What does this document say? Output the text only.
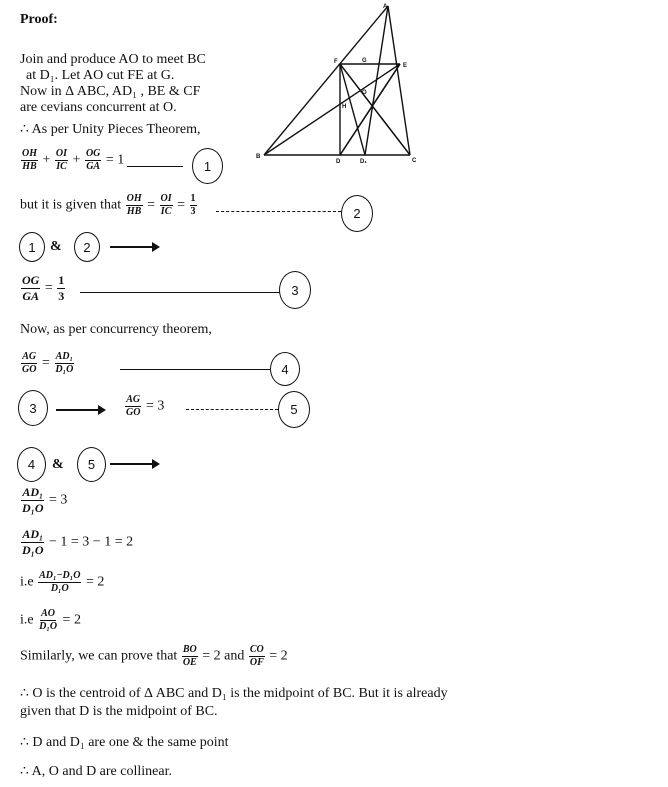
Proof:
Join and produce AO to meet BC
at D₁. Let AO cut FE at G.
Now in Δ ABC, AD₁ , BE & CF
are cevians concurrent at O.
∴ As per Unity Pieces Theorem,
A
B
C
D	D₁
E
F	G
H	I
O
$\frac{OH}{HB} + \frac{OI}{IC} + \frac{OG}{GA} = 1$	1
but it is given that $\frac{OH}{HB} = \frac{OI}{IC} = \frac{1}{3}$	2
1	&	2
$\frac{OG}{GA} = \frac{1}{3}$	3
Now, as per concurrency theorem,
$\frac{AG}{GO} = \frac{\text{AD₁}}{\text{D₁O}}$	4
3	$\frac{AG}{GO} = 3$	5
4	&	5
$\frac{\text{AD₁}}{\text{D₁O}} = 3$
$\frac{\text{AD₁}}{\text{D₁O}} - 1 = 3 - 1 = 2$
$i.e \frac{\text{AD₁−D₁O}}{\text{D₁O}} = 2$
$i.e \frac{AO}{\text{D₁O}} = 2$
Similarly, we can prove that $\frac{BO}{OE} = 2$ and $\frac{CO}{OF} = 2$
∴ O is the centroid of Δ ABC and D₁ is the midpoint of BC. But it is already
given that D is the midpoint of BC.
∴ D and D₁ are one & the same point
∴ A, O and D are collinear.
